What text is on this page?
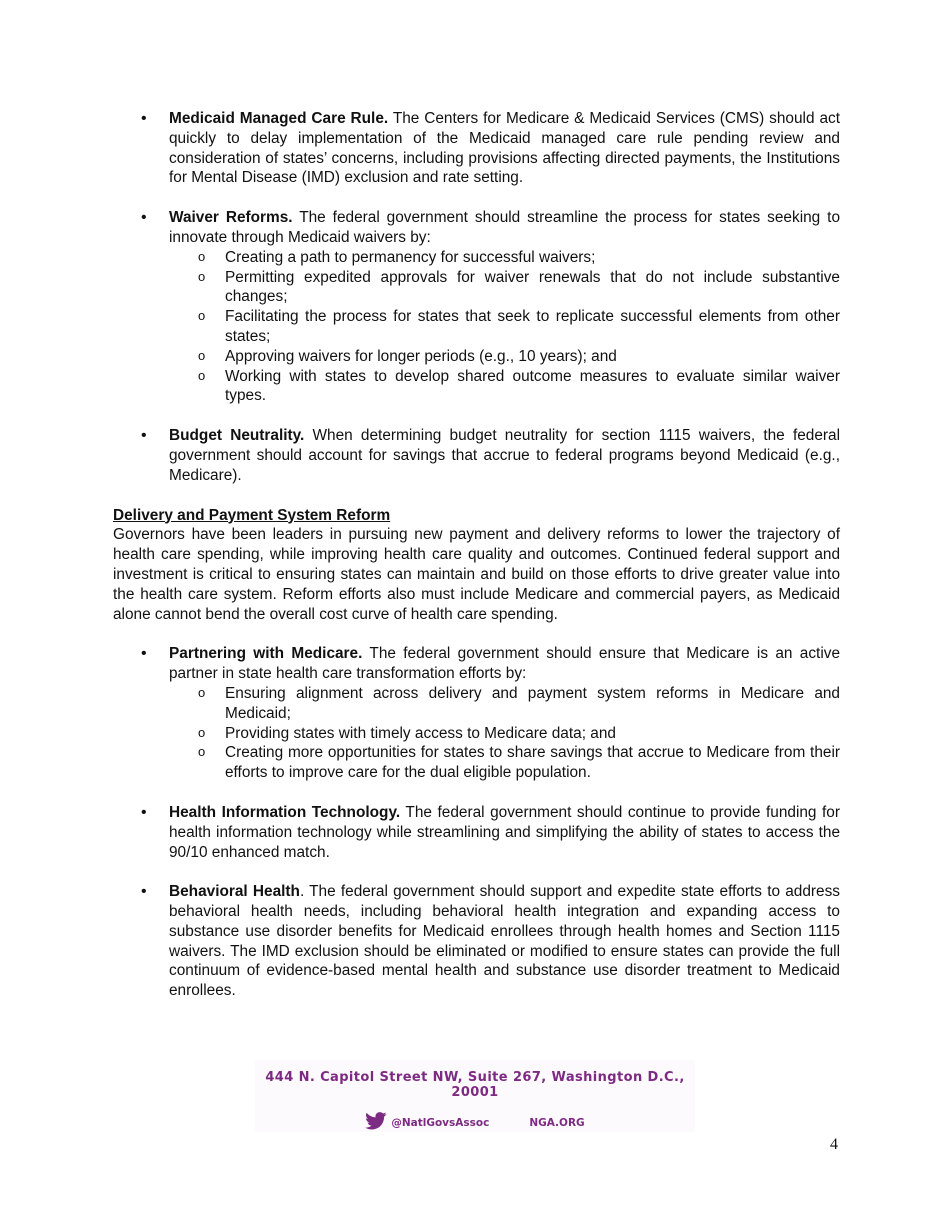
• Medicaid Managed Care Rule. The Centers for Medicare & Medicaid Services (CMS) should act quickly to delay implementation of the Medicaid managed care rule pending review and consideration of states’ concerns, including provisions affecting directed payments, the Institutions for Mental Disease (IMD) exclusion and rate setting.
• Waiver Reforms. The federal government should streamline the process for states seeking to innovate through Medicaid waivers by:
o Creating a path to permanency for successful waivers;
o Permitting expedited approvals for waiver renewals that do not include substantive changes;
o Facilitating the process for states that seek to replicate successful elements from other states;
o Approving waivers for longer periods (e.g., 10 years); and
o Working with states to develop shared outcome measures to evaluate similar waiver types.
• Budget Neutrality. When determining budget neutrality for section 1115 waivers, the federal government should account for savings that accrue to federal programs beyond Medicaid (e.g., Medicare).

Delivery and Payment System Reform

Governors have been leaders in pursuing new payment and delivery reforms to lower the trajectory of health care spending, while improving health care quality and outcomes. Continued federal support and investment is critical to ensuring states can maintain and build on those efforts to drive greater value into the health care system. Reform efforts also must include Medicare and commercial payers, as Medicaid alone cannot bend the overall cost curve of health care spending.

• Partnering with Medicare. The federal government should ensure that Medicare is an active partner in state health care transformation efforts by:
o Ensuring alignment across delivery and payment system reforms in Medicare and Medicaid;
o Providing states with timely access to Medicare data; and
o Creating more opportunities for states to share savings that accrue to Medicare from their efforts to improve care for the dual eligible population.
• Health Information Technology. The federal government should continue to provide funding for health information technology while streamlining and simplifying the ability of states to access the 90/10 enhanced match.
• Behavioral Health. The federal government should support and expedite state efforts to address behavioral health needs, including behavioral health integration and expanding access to substance use disorder benefits for Medicaid enrollees through health homes and Section 1115 waivers. The IMD exclusion should be eliminated or modified to ensure states can provide the full continuum of evidence-based mental health and substance use disorder treatment to Medicaid enrollees.
444 N. Capitol Street NW, Suite 267, Washington D.C., 20001
@NatlGovsAssoc	NGA.ORG
4
